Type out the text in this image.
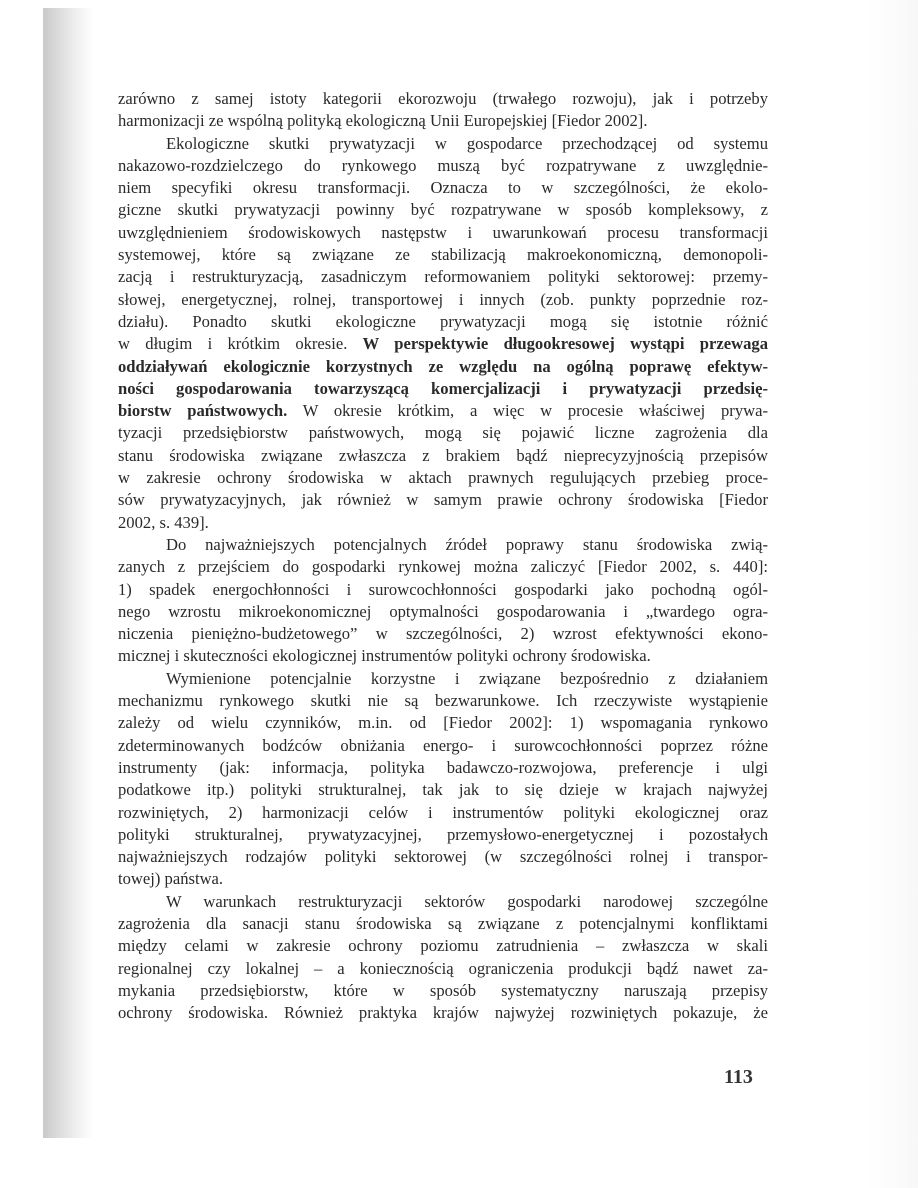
zarówno z samej istoty kategorii ekorozwoju (trwałego rozwoju), jak i potrzeby
harmonizacji ze wspólną polityką ekologiczną Unii Europejskiej [Fiedor 2002].
Ekologiczne skutki prywatyzacji w gospodarce przechodzącej od systemu
nakazowo-rozdzielczego do rynkowego muszą być rozpatrywane z uwzględnie-
niem specyfiki okresu transformacji. Oznacza to w szczególności, że ekolo-
giczne skutki prywatyzacji powinny być rozpatrywane w sposób kompleksowy, z
uwzględnieniem środowiskowych następstw i uwarunkowań procesu transformacji
systemowej, które są związane ze stabilizacją makroekonomiczną, demonopoli-
zacją i restrukturyzacją, zasadniczym reformowaniem polityki sektorowej: przemy-
słowej, energetycznej, rolnej, transportowej i innych (zob. punkty poprzednie roz-
działu). Ponadto skutki ekologiczne prywatyzacji mogą się istotnie różnić
w długim i krótkim okresie. W perspektywie długookresowej wystąpi przewaga
oddziaływań ekologicznie korzystnych ze względu na ogólną poprawę efektyw-
ności gospodarowania towarzyszącą komercjalizacji i prywatyzacji przedsię-
biorstw państwowych. W okresie krótkim, a więc w procesie właściwej prywa-
tyzacji przedsiębiorstw państwowych, mogą się pojawić liczne zagrożenia dla
stanu środowiska związane zwłaszcza z brakiem bądź nieprecyzyjnością przepisów
w zakresie ochrony środowiska w aktach prawnych regulujących przebieg proce-
sów prywatyzacyjnych, jak również w samym prawie ochrony środowiska [Fiedor
2002, s. 439].
Do najważniejszych potencjalnych źródeł poprawy stanu środowiska zwią-
zanych z przejściem do gospodarki rynkowej można zaliczyć [Fiedor 2002, s. 440]:
1) spadek energochłonności i surowcochłonności gospodarki jako pochodną ogól-
nego wzrostu mikroekonomicznej optymalności gospodarowania i „twardego ogra-
niczenia pieniężno-budżetowego” w szczególności, 2) wzrost efektywności ekono-
micznej i skuteczności ekologicznej instrumentów polityki ochrony środowiska.
Wymienione potencjalnie korzystne i związane bezpośrednio z działaniem
mechanizmu rynkowego skutki nie są bezwarunkowe. Ich rzeczywiste wystąpienie
zależy od wielu czynników, m.in. od [Fiedor 2002]: 1) wspomagania rynkowo
zdeterminowanych bodźców obniżania energo- i surowcochłonności poprzez różne
instrumenty (jak: informacja, polityka badawczo-rozwojowa, preferencje i ulgi
podatkowe itp.) polityki strukturalnej, tak jak to się dzieje w krajach najwyżej
rozwiniętych, 2) harmonizacji celów i instrumentów polityki ekologicznej oraz
polityki strukturalnej, prywatyzacyjnej, przemysłowo-energetycznej i pozostałych
najważniejszych rodzajów polityki sektorowej (w szczególności rolnej i transpor-
towej) państwa.
W warunkach restrukturyzacji sektorów gospodarki narodowej szczególne
zagrożenia dla sanacji stanu środowiska są związane z potencjalnymi konfliktami
między celami w zakresie ochrony poziomu zatrudnienia – zwłaszcza w skali
regionalnej czy lokalnej – a koniecznością ograniczenia produkcji bądź nawet za-
mykania przedsiębiorstw, które w sposób systematyczny naruszają przepisy
ochrony środowiska. Również praktyka krajów najwyżej rozwiniętych pokazuje, że
113
